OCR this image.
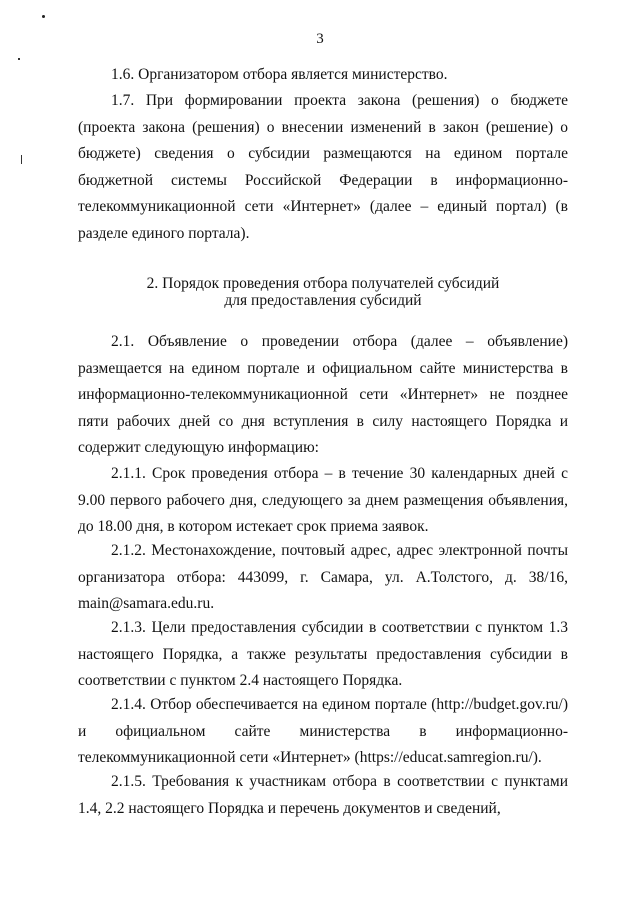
3

1.6. Организатором отбора является министерство.

1.7. При формировании проекта закона (решения) о бюджете (проекта закона (решения) о внесении изменений в закон (решение) о бюджете) сведения о субсидии размещаются на едином портале бюджетной системы Российской Федерации в информационно-телекоммуникационной сети «Интернет» (далее – единый портал) (в разделе единого портала).

2. Порядок проведения отбора получателей субсидий

для предоставления субсидий

2.1. Объявление о проведении отбора (далее – объявление) размещается на едином портале и официальном сайте министерства в информационно-телекоммуникационной сети «Интернет» не позднее пяти рабочих дней со дня вступления в силу настоящего Порядка и содержит следующую информацию:

2.1.1. Срок проведения отбора – в течение 30 календарных дней с 9.00 первого рабочего дня, следующего за днем размещения объявления, до 18.00 дня, в котором истекает срок приема заявок.

2.1.2. Местонахождение, почтовый адрес, адрес электронной почты организатора отбора: 443099, г. Самара, ул. А.Толстого, д. 38/16, main@samara.edu.ru.

2.1.3. Цели предоставления субсидии в соответствии с пунктом 1.3 настоящего Порядка, а также результаты предоставления субсидии в соответствии с пунктом 2.4 настоящего Порядка.

2.1.4. Отбор обеспечивается на едином портале (http://budget.gov.ru/) и официальном сайте министерства в информационно-телекоммуникационной сети «Интернет» (https://educat.samregion.ru/).

2.1.5. Требования к участникам отбора в соответствии с пунктами 1.4, 2.2 настоящего Порядка и перечень документов и сведений,
